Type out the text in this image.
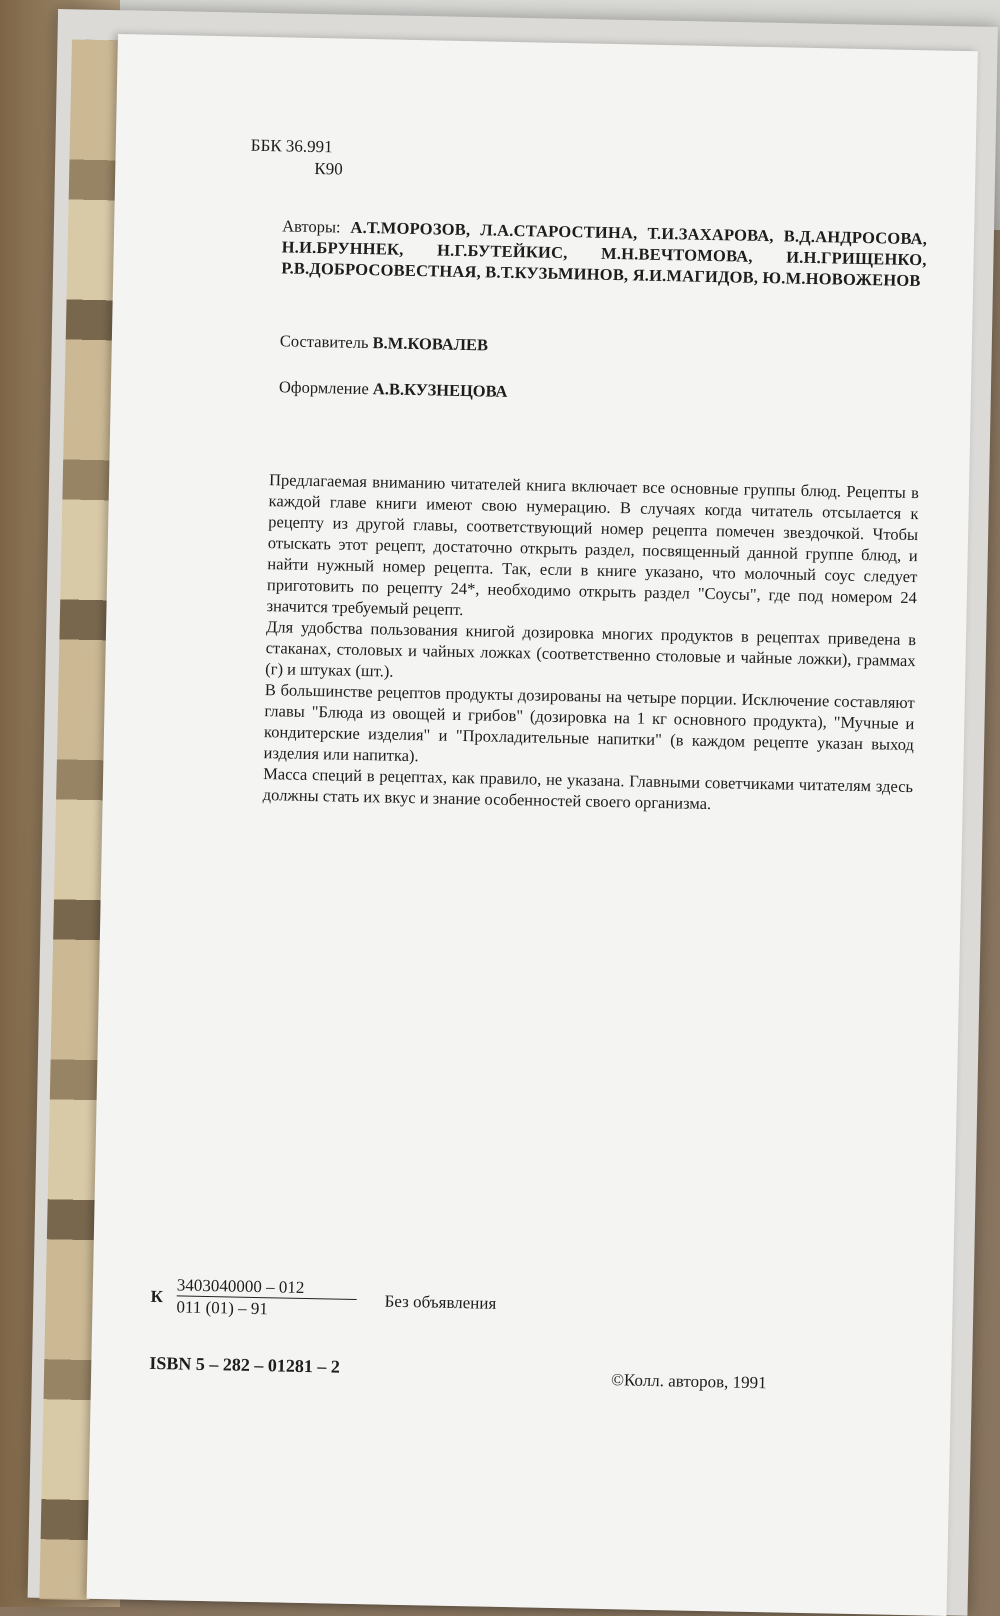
ББК 36.991
К90
Авторы: А.Т.МОРОЗОВ, Л.А.СТАРОСТИНА, Т.И.ЗАХАРОВА, В.Д.АНДРОСОВА, Н.И.БРУННЕК, Н.Г.БУТЕЙКИС, М.Н.ВЕЧТОМОВА, И.Н.ГРИЩЕНКО, Р.В.ДОБРОСОВЕСТНАЯ, В.Т.КУЗЬМИНОВ, Я.И.МАГИДОВ, Ю.М.НОВОЖЕНОВ
Составитель В.М.КОВАЛЕВ
Оформление А.В.КУЗНЕЦОВА

Предлагаемая вниманию читателей книга включает все основные группы блюд. Рецепты в каждой главе книги имеют свою нумерацию. В случаях когда читатель отсылается к рецепту из другой главы, соответствующий номер рецепта помечен звездочкой. Чтобы отыскать этот рецепт, достаточно открыть раздел, посвященный данной группе блюд, и найти нужный номер рецепта. Так, если в книге указано, что молочный соус следует приготовить по рецепту 24*, необходимо открыть раздел "Соусы", где под номером 24 значится требуемый рецепт.

Для удобства пользования книгой дозировка многих продуктов в рецептах приведена в стаканах, столовых и чайных ложках (соответственно столовые и чайные ложки), граммах (г) и штуках (шт.).

В большинстве рецептов продукты дозированы на четыре порции. Исключение составляют главы "Блюда из овощей и грибов" (дозировка на 1 кг основного продукта), "Мучные и кондитерские изделия" и "Прохладительные напитки" (в каждом рецепте указан выход изделия или напитка).

Масса специй в рецептах, как правило, не указана. Главными советчиками читателям здесь должны стать их вкус и знание особенностей своего организма.

К 3403040000 – 012
011 (01) – 91	Без объявления
ISBN 5 – 282 – 01281 – 2
©Колл. авторов, 1991
